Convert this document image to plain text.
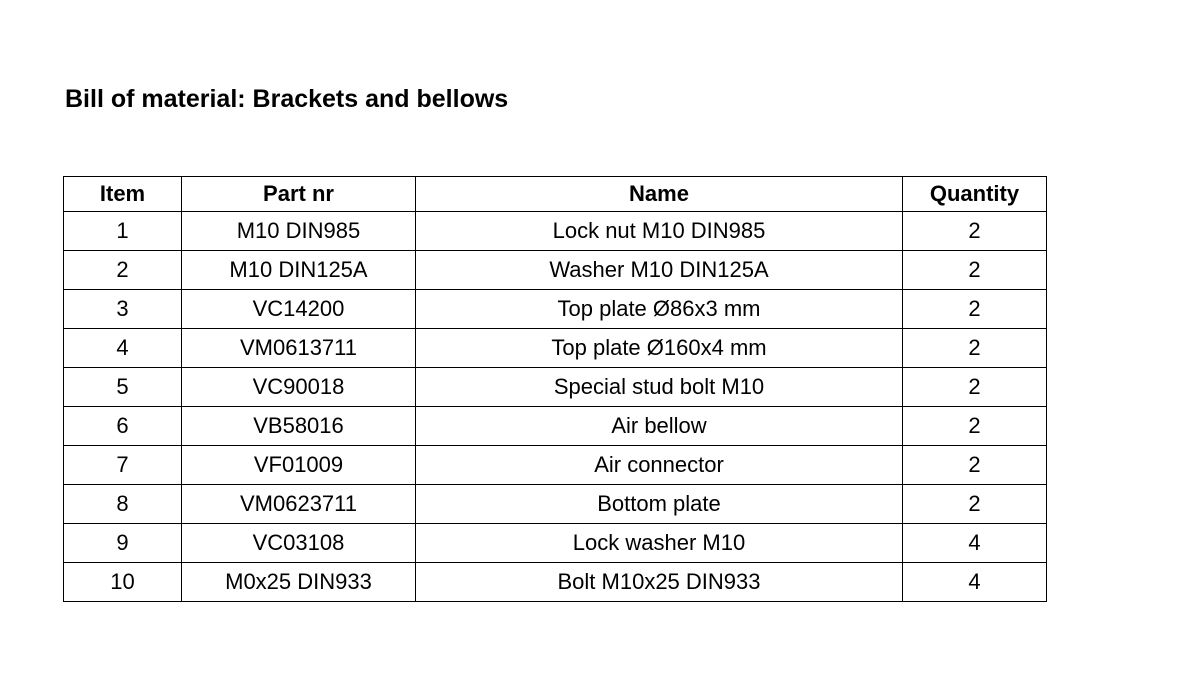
Bill of material: Brackets and bellows
Item	Part nr	Name	Quantity
1	M10 DIN985	Lock nut M10 DIN985	2
2	M10 DIN125A	Washer M10 DIN125A	2
3	VC14200	Top plate Ø86x3 mm	2
4	VM0613711	Top plate Ø160x4 mm	2
5	VC90018	Special stud bolt M10	2
6	VB58016	Air bellow	2
7	VF01009	Air connector	2
8	VM0623711	Bottom plate	2
9	VC03108	Lock washer M10	4
10	M0x25 DIN933	Bolt M10x25 DIN933	4
